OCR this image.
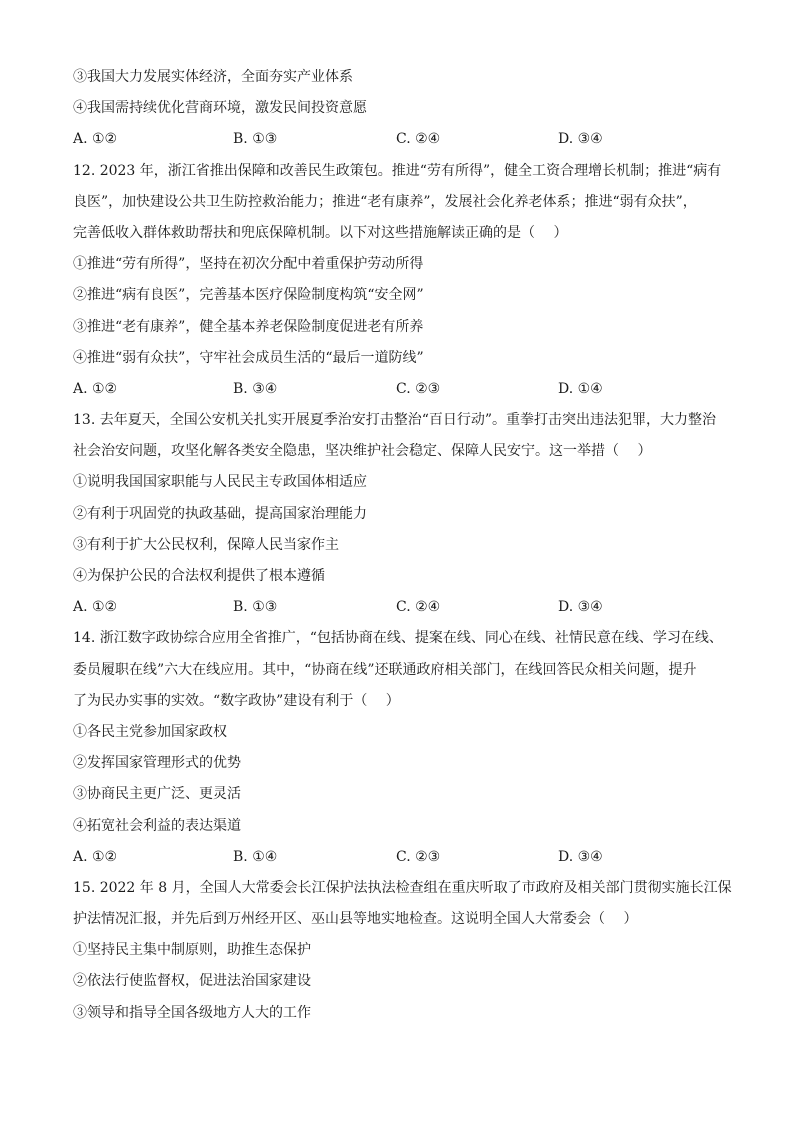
③我国大力发展实体经济，全面夯实产业体系
④我国需持续优化营商环境，激发民间投资意愿
A. ①②	B. ①③	C. ②④	D. ③④
12. 2023 年，浙江省推出保障和改善民生政策包。推进“劳有所得”，健全工资合理增长机制；推进“病有
良医”，加快建设公共卫生防控救治能力；推进“老有康养”，发展社会化养老体系；推进“弱有众扶”，
完善低收入群体救助帮扶和兜底保障机制。以下对这些措施解读正确的是（　 ）
①推进“劳有所得”，坚持在初次分配中着重保护劳动所得
②推进“病有良医”，完善基本医疗保险制度构筑“安全网”
③推进“老有康养”，健全基本养老保险制度促进老有所养
④推进“弱有众扶”，守牢社会成员生活的“最后一道防线”
A. ①②	B. ③④	C. ②③	D. ①④
13. 去年夏天，全国公安机关扎实开展夏季治安打击整治“百日行动”。重拳打击突出违法犯罪，大力整治
社会治安问题，攻坚化解各类安全隐患，坚决维护社会稳定、保障人民安宁。这一举措（　 ）
①说明我国国家职能与人民民主专政国体相适应
②有利于巩固党的执政基础，提高国家治理能力
③有利于扩大公民权利，保障人民当家作主
④为保护公民的合法权利提供了根本遵循
A. ①②	B. ①③	C. ②④	D. ③④
14. 浙江数字政协综合应用全省推广，“包括协商在线、提案在线、同心在线、社情民意在线、学习在线、
委员履职在线”六大在线应用。其中，“协商在线”还联通政府相关部门，在线回答民众相关问题，提升
了为民办实事的实效。“数字政协”建设有利于（　 ）
①各民主党参加国家政权
②发挥国家管理形式的优势
③协商民主更广泛、更灵活
④拓宽社会利益的表达渠道
A. ①②	B. ①④	C. ②③	D. ③④
15. 2022 年 8 月，全国人大常委会长江保护法执法检查组在重庆听取了市政府及相关部门贯彻实施长江保
护法情况汇报，并先后到万州经开区、巫山县等地实地检查。这说明全国人大常委会（　 ）
①坚持民主集中制原则，助推生态保护
②依法行使监督权，促进法治国家建设
③领导和指导全国各级地方人大的工作
